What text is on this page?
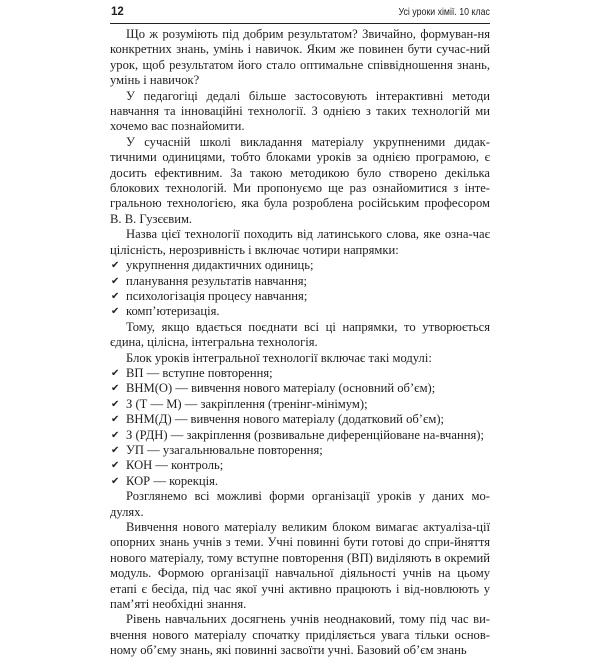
12	Усі уроки хімії. 10 клас

Що ж розуміють під добрим результатом? Звичайно, формуван-ня конкретних знань, умінь і навичок. Яким же повинен бути сучас-ний урок, щоб результатом його стало оптимальне співвідношення знань, умінь і навичок?

У педагогіці дедалі більше застосовують інтерактивні методи навчання та інноваційні технології. З однією з таких технологій ми хочемо вас познайомити.

У сучасній школі викладання матеріалу укрупненими дидак-тичними одиницями, тобто блоками уроків за однією програмою, є досить ефективним. За такою методикою було створено декілька блокових технологій. Ми пропонуємо ще раз ознайомитися з інте-гральною технологією, яка була розроблена російським професором В. В. Гузєєвим.

Назва цієї технології походить від латинського слова, яке озна-чає цілісність, нерозривність і включає чотири напрямки:

✔ укрупнення дидактичних одиниць;
✔ планування результатів навчання;
✔ психологізація процесу навчання;
✔ комп’ютеризація.

Тому, якщо вдається поєднати всі ці напрямки, то утворюється єдина, цілісна, інтегральна технологія.

Блок уроків інтегральної технології включає такі модулі:

✔ ВП — вступне повторення;
✔ ВНМ(О) — вивчення нового матеріалу (основний об’єм);
✔ З (Т — М) — закріплення (тренінг-мінімум);
✔ ВНМ(Д) — вивчення нового матеріалу (додатковий об’єм);
✔ З (РДН) — закріплення (розвивальне диференційоване на-вчання);
✔ УП — узагальнювальне повторення;
✔ КОН — контроль;
✔ КОР — корекція.

Розглянемо всі можливі форми організації уроків у даних мо-дулях.

Вивчення нового матеріалу великим блоком вимагає актуаліза-ції опорних знань учнів з теми. Учні повинні бути готові до спри-йняття нового матеріалу, тому вступне повторення (ВП) виділяють в окремий модуль. Формою організації навчальної діяльності учнів на цьому етапі є бесіда, під час якої учні активно працюють і від-новлюють у пам’яті необхідні знання.

Рівень навчальних досягнень учнів неоднаковий, тому під час ви-вчення нового матеріалу спочатку приділяється увага тільки основ-ному об’єму знань, які повинні засвоїти учні. Базовий об’єм знань
